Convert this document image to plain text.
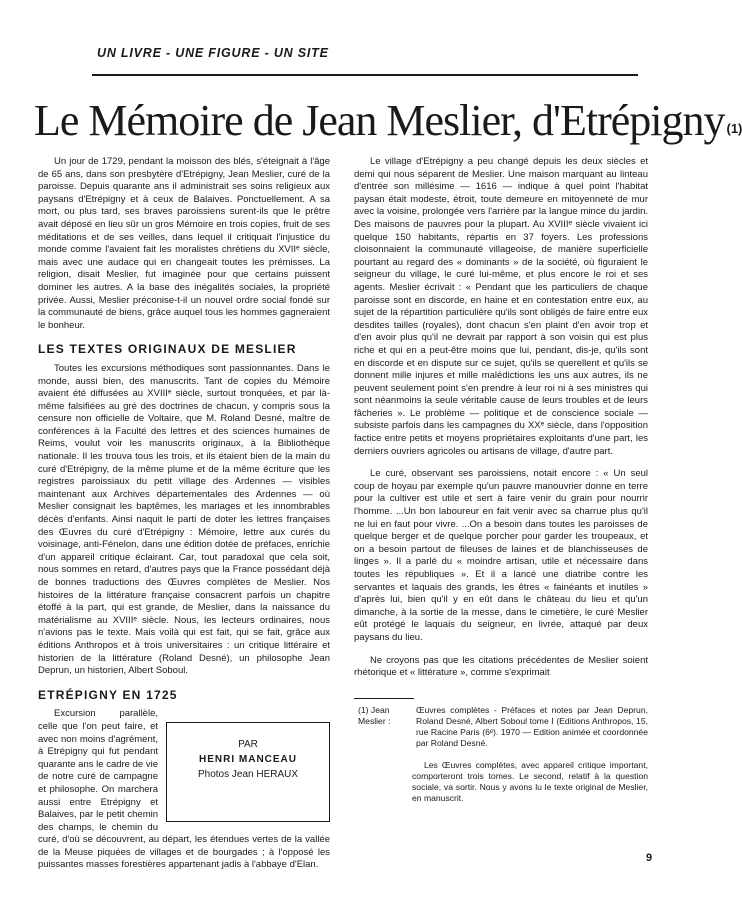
UN LIVRE - UNE FIGURE - UN SITE
Le Mémoire de Jean Meslier, d'Etrépigny (1)

Un jour de 1729, pendant la moisson des blés, s'éteignait à l'âge de 65 ans, dans son presbytère d'Etrépigny, Jean Meslier, curé de la paroisse. Depuis quarante ans il administrait ses soins religieux aux paysans d'Etrépigny et à ceux de Balaives. Ponctuellement. A sa mort, ou plus tard, ses braves paroissiens surent-ils que le prêtre avait déposé en lieu sûr un gros Mémoire en trois copies, fruit de ses méditations et de ses veilles, dans lequel il critiquait l'injustice du monde comme l'avaient fait les moralistes chrétiens du XVIIᵉ siècle, mais avec une audace qui en changeait toutes les prémisses. La religion, disait Meslier, fut imaginée pour que certains puissent dominer les autres. A la base des inégalités sociales, la propriété privée. Aussi, Meslier préconise-t-il un nouvel ordre social fondé sur la communauté de biens, grâce auquel tous les hommes gagneraient le bonheur.

LES TEXTES ORIGINAUX DE MESLIER

Toutes les excursions méthodiques sont passionnantes. Dans le monde, aussi bien, des manuscrits. Tant de copies du Mémoire avaient été diffusées au XVIIIᵉ siècle, surtout tronquées, et par là-même falsifiées au gré des doctrines de chacun, y compris sous la censure non officielle de Voltaire, que M. Roland Desné, maître de conférences à la Faculté des lettres et des sciences humaines de Reims, voulut voir les manuscrits originaux, à la Bibliothèque nationale. Il les trouva tous les trois, et ils étaient bien de la main du curé d'Etrépigny, de la même plume et de la même écriture que les registres paroissiaux du petit village des Ardennes — visibles maintenant aux Archives départementales des Ardennes — où Meslier consignait les baptêmes, les mariages et les innombrables décès d'enfants. Ainsi naquit le parti de doter les lettres françaises des Œuvres du curé d'Etrépigny : Mémoire, lettre aux curés du voisinage, anti-Fénelon, dans une édition dotée de préfaces, enrichie d'un appareil critique éclairant. Car, tout paradoxal que cela soit, nous sommes en retard, d'autres pays que la France possédant déjà de bonnes traductions des Œuvres complètes de Meslier. Nos histoires de la littérature française consacrent parfois un chapitre étoffé à la part, qui est grande, de Meslier, dans la naissance du matérialisme au XVIIIᵉ siècle. Nous, les lecteurs ordinaires, nous n'avions pas le texte. Mais voilà qui est fait, qui se fait, grâce aux éditions Anthropos et à trois universitaires : un critique littéraire et historien de la littérature (Roland Desné), un philosophe Jean Deprun, un historien, Albert Soboul.

ETRÉPIGNY EN 1725
PAR
HENRI MANCEAU
Photos Jean HERAUX

Excursion parallèle, celle que l'on peut faire, et avec non moins d'agrément, à Etrépigny qui fut pendant quarante ans le cadre de vie de notre curé de campagne et philosophe. On marchera aussi entre Etrépigny et Balaives, par le petit chemin des champs, le chemin du curé, d'où se découvrent, au départ, les étendues vertes de la vallée de la Meuse piquées de villages et de bourgades ; à l'opposé les puissantes masses forestières appartenant jadis à l'abbaye d'Elan.

Le village d'Etrépigny a peu changé depuis les deux siècles et demi qui nous séparent de Meslier. Une maison marquant au linteau d'entrée son millésime — 1616 — indique à quel point l'habitat paysan était modeste, étroit, toute demeure en mitoyenneté de mur avec la voisine, prolongée vers l'arrière par la langue mince du jardin. Des maisons de pauvres pour la plupart. Au XVIIIᵉ siècle vivaient ici quelque 150 habitants, répartis en 37 foyers. Les professions cloisonnaient la communauté villageoise, de manière superficielle pourtant au regard des « dominants » de la société, où figuraient le seigneur du village, le curé lui-même, et plus encore le roi et ses agents. Meslier écrivait : « Pendant que les particuliers de chaque paroisse sont en discorde, en haine et en contestation entre eux, au sujet de la répartition particulière qu'ils sont obligés de faire entre eux desdites tailles (royales), dont chacun s'en plaint d'en avoir trop et d'en avoir plus qu'il ne devrait par rapport à son voisin qui est plus riche et qui en a peut-être moins que lui, pendant, dis-je, qu'ils sont en discorde et en dispute sur ce sujet, qu'ils se querellent et qu'ils se donnent mille injures et mille malédictions les uns aux autres, ils ne peuvent seulement point s'en prendre à leur roi ni à ses ministres qui sont néanmoins la seule véritable cause de leurs troubles et de leurs fâcheries ». Le problème — politique et de conscience sociale — subsiste parfois dans les campagnes du XXᵉ siècle, dans l'opposition factice entre petits et moyens propriétaires exploitants d'une part, les derniers ouvriers agricoles ou artisans de village, d'autre part.

Le curé, observant ses paroissiens, notait encore : « Un seul coup de hoyau par exemple qu'un pauvre manouvrier donne en terre pour la cultiver est utile et sert à faire venir du grain pour nourrir l'homme. ...Un bon laboureur en fait venir avec sa charrue plus qu'il ne lui en faut pour vivre. ...On a besoin dans toutes les paroisses de quelque berger et de quelque porcher pour garder les troupeaux, et on a besoin partout de fileuses de laines et de blanchisseuses de linges ». Il a parlé du « moindre artisan, utile et nécessaire dans toutes les républiques ». Et il a lancé une diatribe contre les servantes et laquais des grands, les êtres « fainéants et inutiles » d'après lui, bien qu'il y en eût dans le château du lieu et qu'un dimanche, à la sortie de la messe, dans le cimetière, le curé Meslier eût protégé le laquais du seigneur, en livrée, attaqué par deux paysans du lieu.

Ne croyons pas que les citations précédentes de Meslier soient rhétorique et « littérature », comme s'exprimait

(1) Jean Meslier :
Œuvres complètes - Préfaces et notes par Jean Deprun, Roland Desné, Albert Soboul tome I (Editions Anthropos, 15, rue Racine Paris (6ᵉ). 1970 — Edition animée et coordonnée par Roland Desné.
Les Œuvres complètes, avec appareil critique important, comporteront trois tomes. Le second, relatif à la question sociale, va sortir. Nous y avons lu le texte original de Meslier, en manuscrit.
9
